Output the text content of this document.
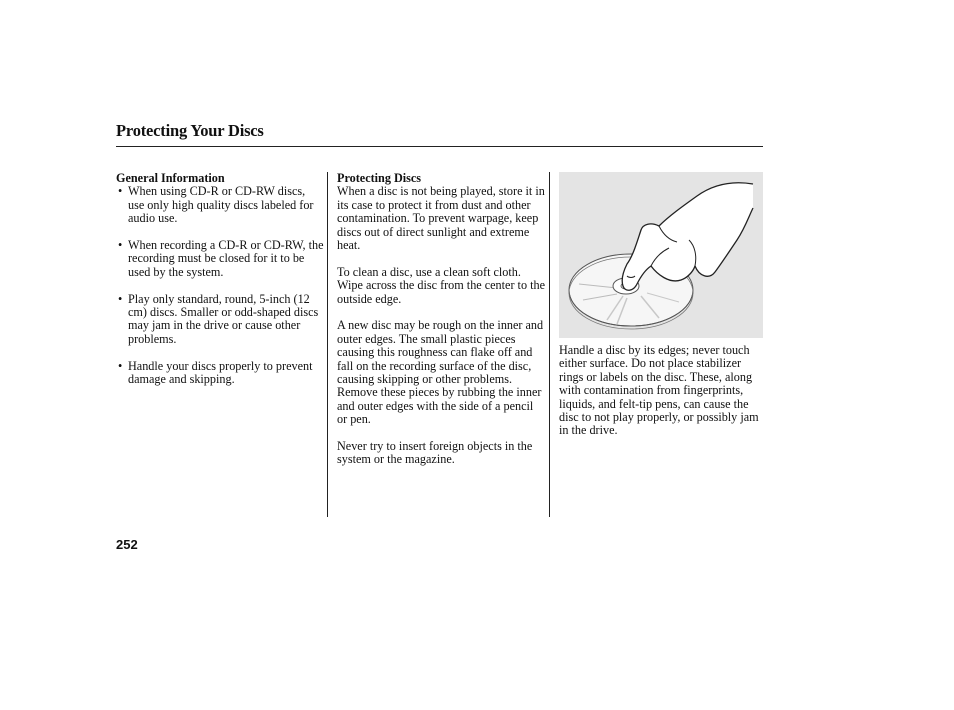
Protecting Your Discs
General Information
• When using CD-R or CD-RW discs, use only high quality discs labeled for audio use.
• When recording a CD-R or CD-RW, the recording must be closed for it to be used by the system.
• Play only standard, round, 5-inch (12 cm) discs. Smaller or odd-shaped discs may jam in the drive or cause other problems.
• Handle your discs properly to prevent damage and skipping.
Protecting Discs

When a disc is not being played, store it in its case to protect it from dust and other contamination. To prevent warpage, keep discs out of direct sunlight and extreme heat.

To clean a disc, use a clean soft cloth. Wipe across the disc from the center to the outside edge.

A new disc may be rough on the inner and outer edges. The small plastic pieces causing this roughness can flake off and fall on the recording surface of the disc, causing skipping or other problems. Remove these pieces by rubbing the inner and outer edges with the side of a pencil or pen.

Never try to insert foreign objects in the system or the magazine.

Handle a disc by its edges; never touch either surface. Do not place stabilizer rings or labels on the disc. These, along with contamination from fingerprints, liquids, and felt-tip pens, can cause the disc to not play properly, or possibly jam in the drive.

252
